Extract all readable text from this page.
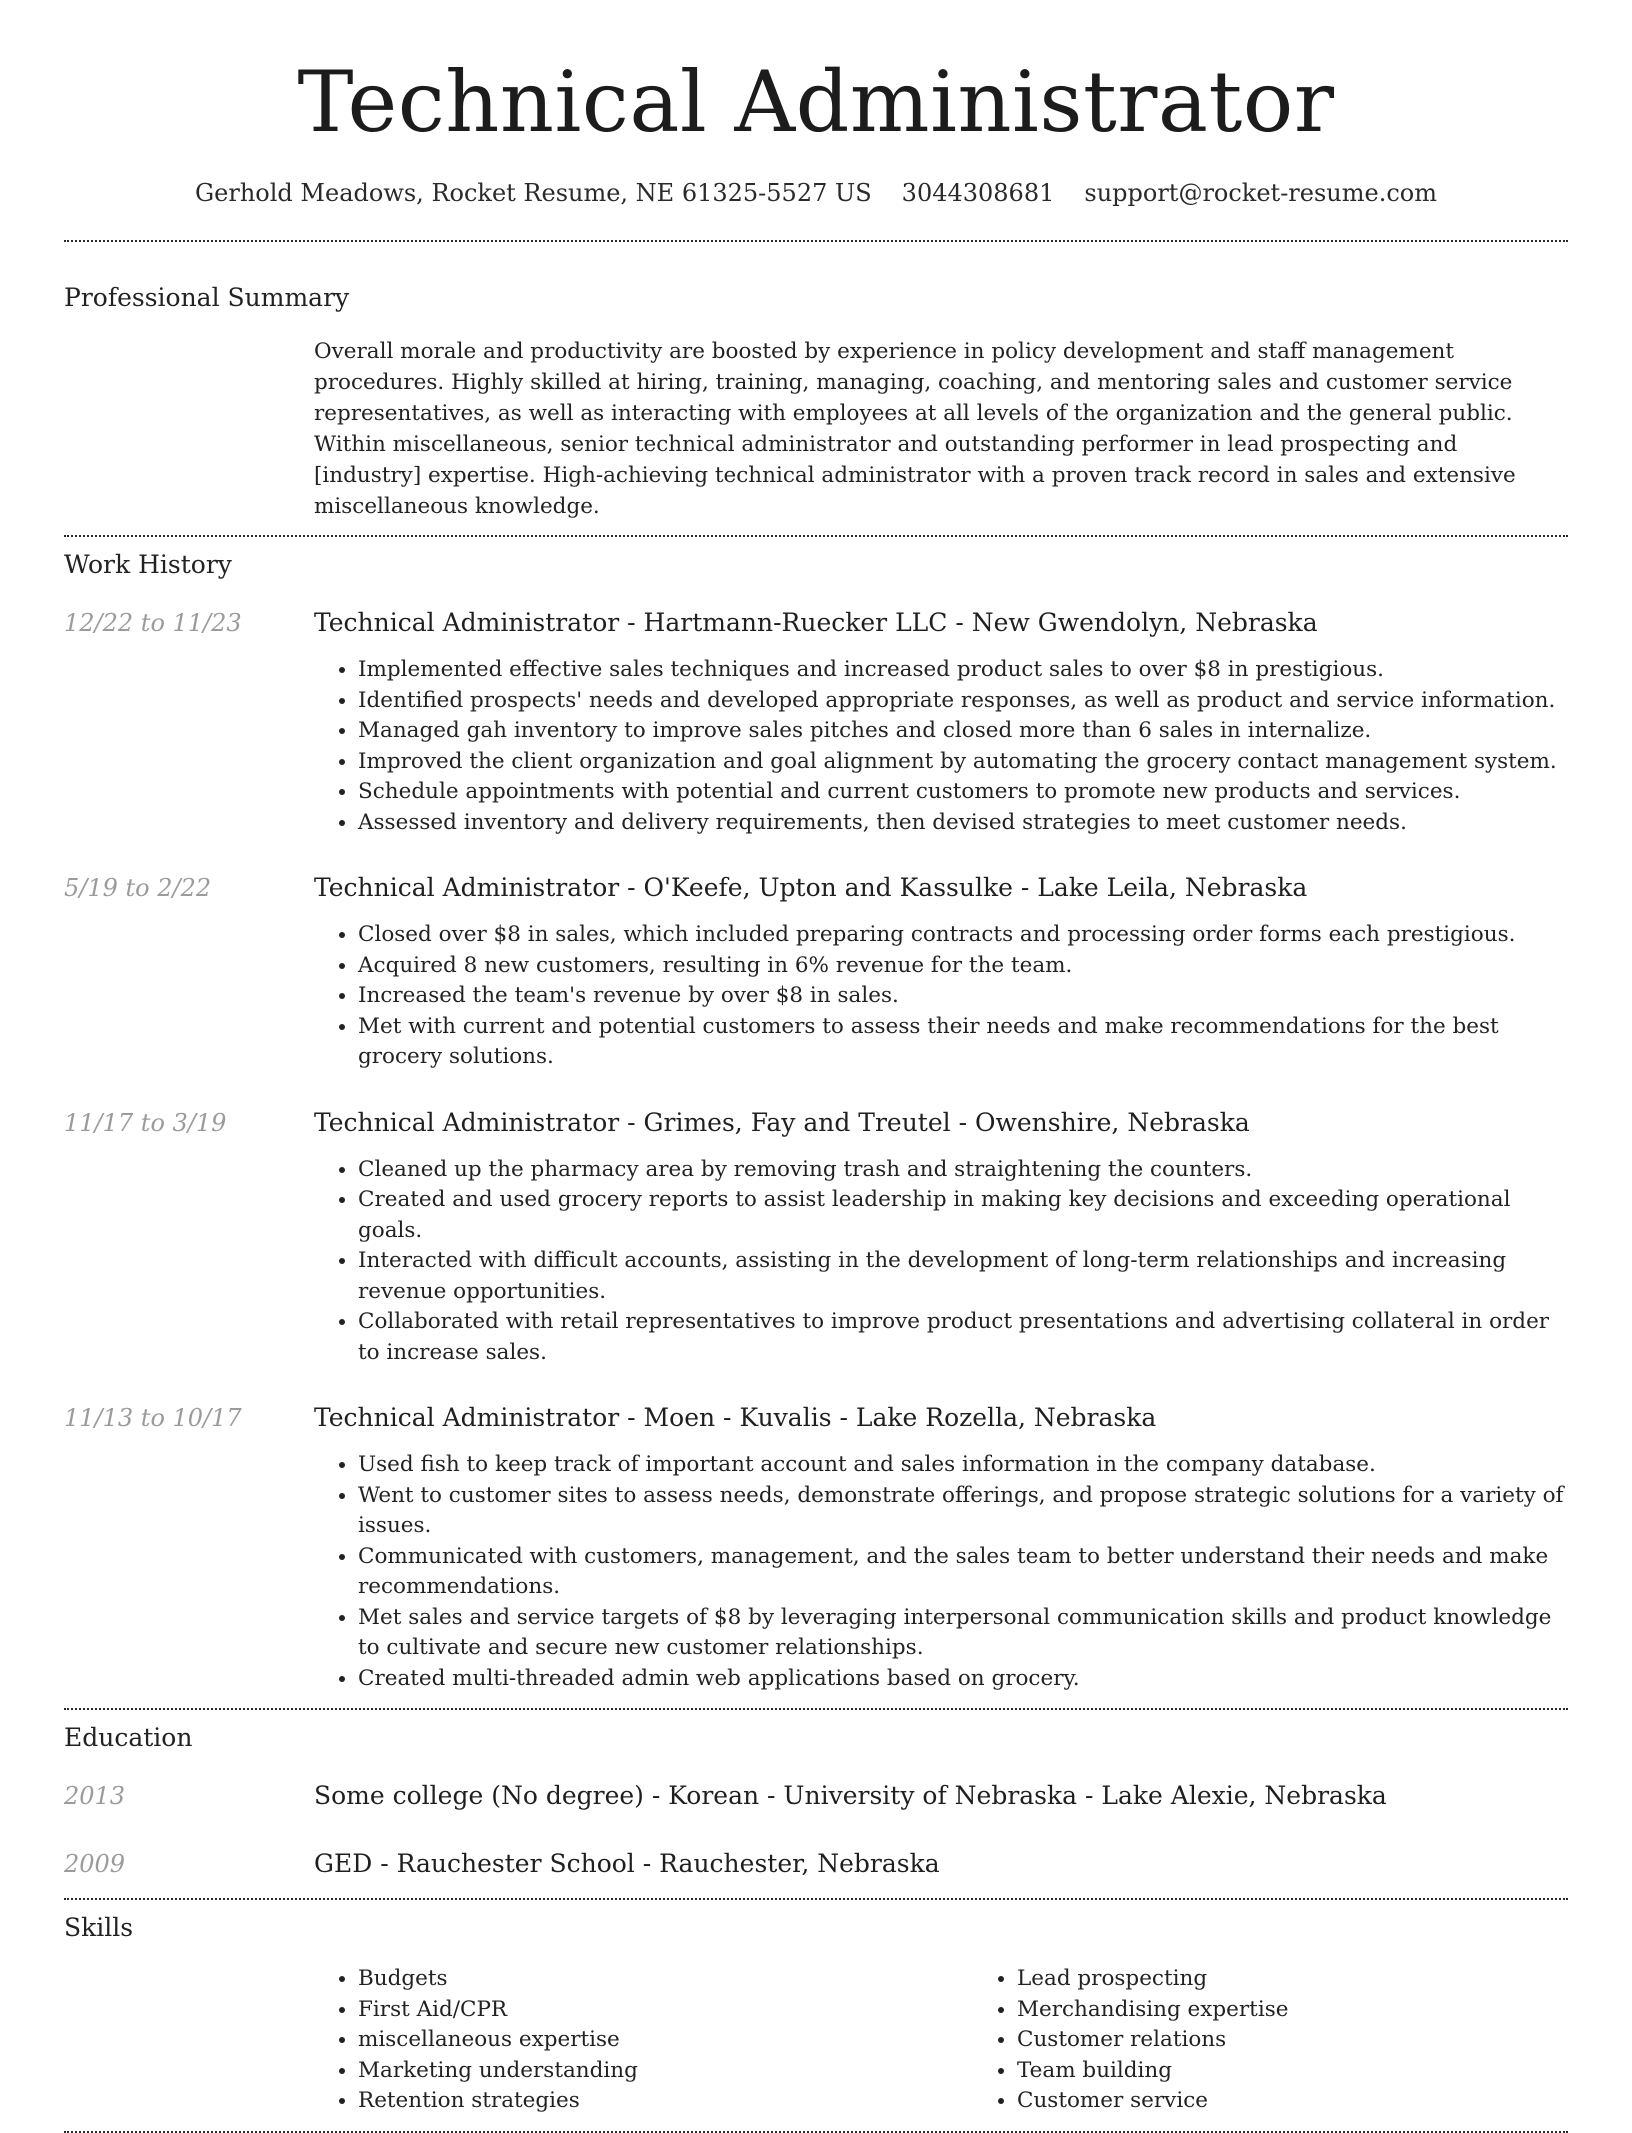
Technical Administrator
Gerhold Meadows, Rocket Resume, NE 61325-5527 US 3044308681 support@rocket-resume.com
Professional Summary
Overall morale and productivity are boosted by experience in policy development and staff management procedures. Highly skilled at hiring, training, managing, coaching, and mentoring sales and customer service representatives, as well as interacting with employees at all levels of the organization and the general public. Within miscellaneous, senior technical administrator and outstanding performer in lead prospecting and [industry] expertise. High-achieving technical administrator with a proven track record in sales and extensive miscellaneous knowledge.
Work History
12/22 to 11/23	Technical Administrator - Hartmann-Ruecker LLC - New Gwendolyn, Nebraska
• Implemented effective sales techniques and increased product sales to over $8 in prestigious.
• Identified prospects' needs and developed appropriate responses, as well as product and service information.
• Managed gah inventory to improve sales pitches and closed more than 6 sales in internalize.
• Improved the client organization and goal alignment by automating the grocery contact management system.
• Schedule appointments with potential and current customers to promote new products and services.
• Assessed inventory and delivery requirements, then devised strategies to meet customer needs.
5/19 to 2/22	Technical Administrator - O'Keefe, Upton and Kassulke - Lake Leila, Nebraska
• Closed over $8 in sales, which included preparing contracts and processing order forms each prestigious.
• Acquired 8 new customers, resulting in 6% revenue for the team.
• Increased the team's revenue by over $8 in sales.
• Met with current and potential customers to assess their needs and make recommendations for the best grocery solutions.
11/17 to 3/19	Technical Administrator - Grimes, Fay and Treutel - Owenshire, Nebraska
• Cleaned up the pharmacy area by removing trash and straightening the counters.
• Created and used grocery reports to assist leadership in making key decisions and exceeding operational goals.
• Interacted with difficult accounts, assisting in the development of long-term relationships and increasing revenue opportunities.
• Collaborated with retail representatives to improve product presentations and advertising collateral in order to increase sales.
11/13 to 10/17	Technical Administrator - Moen - Kuvalis - Lake Rozella, Nebraska
• Used fish to keep track of important account and sales information in the company database.
• Went to customer sites to assess needs, demonstrate offerings, and propose strategic solutions for a variety of issues.
• Communicated with customers, management, and the sales team to better understand their needs and make recommendations.
• Met sales and service targets of $8 by leveraging interpersonal communication skills and product knowledge to cultivate and secure new customer relationships.
• Created multi-threaded admin web applications based on grocery.
Education
2013	Some college (No degree) - Korean - University of Nebraska - Lake Alexie, Nebraska
2009	GED - Rauchester School - Rauchester, Nebraska
Skills
• Budgets
• First Aid/CPR
• miscellaneous expertise
• Marketing understanding
• Retention strategies
• Lead prospecting
• Merchandising expertise
• Customer relations
• Team building
• Customer service
